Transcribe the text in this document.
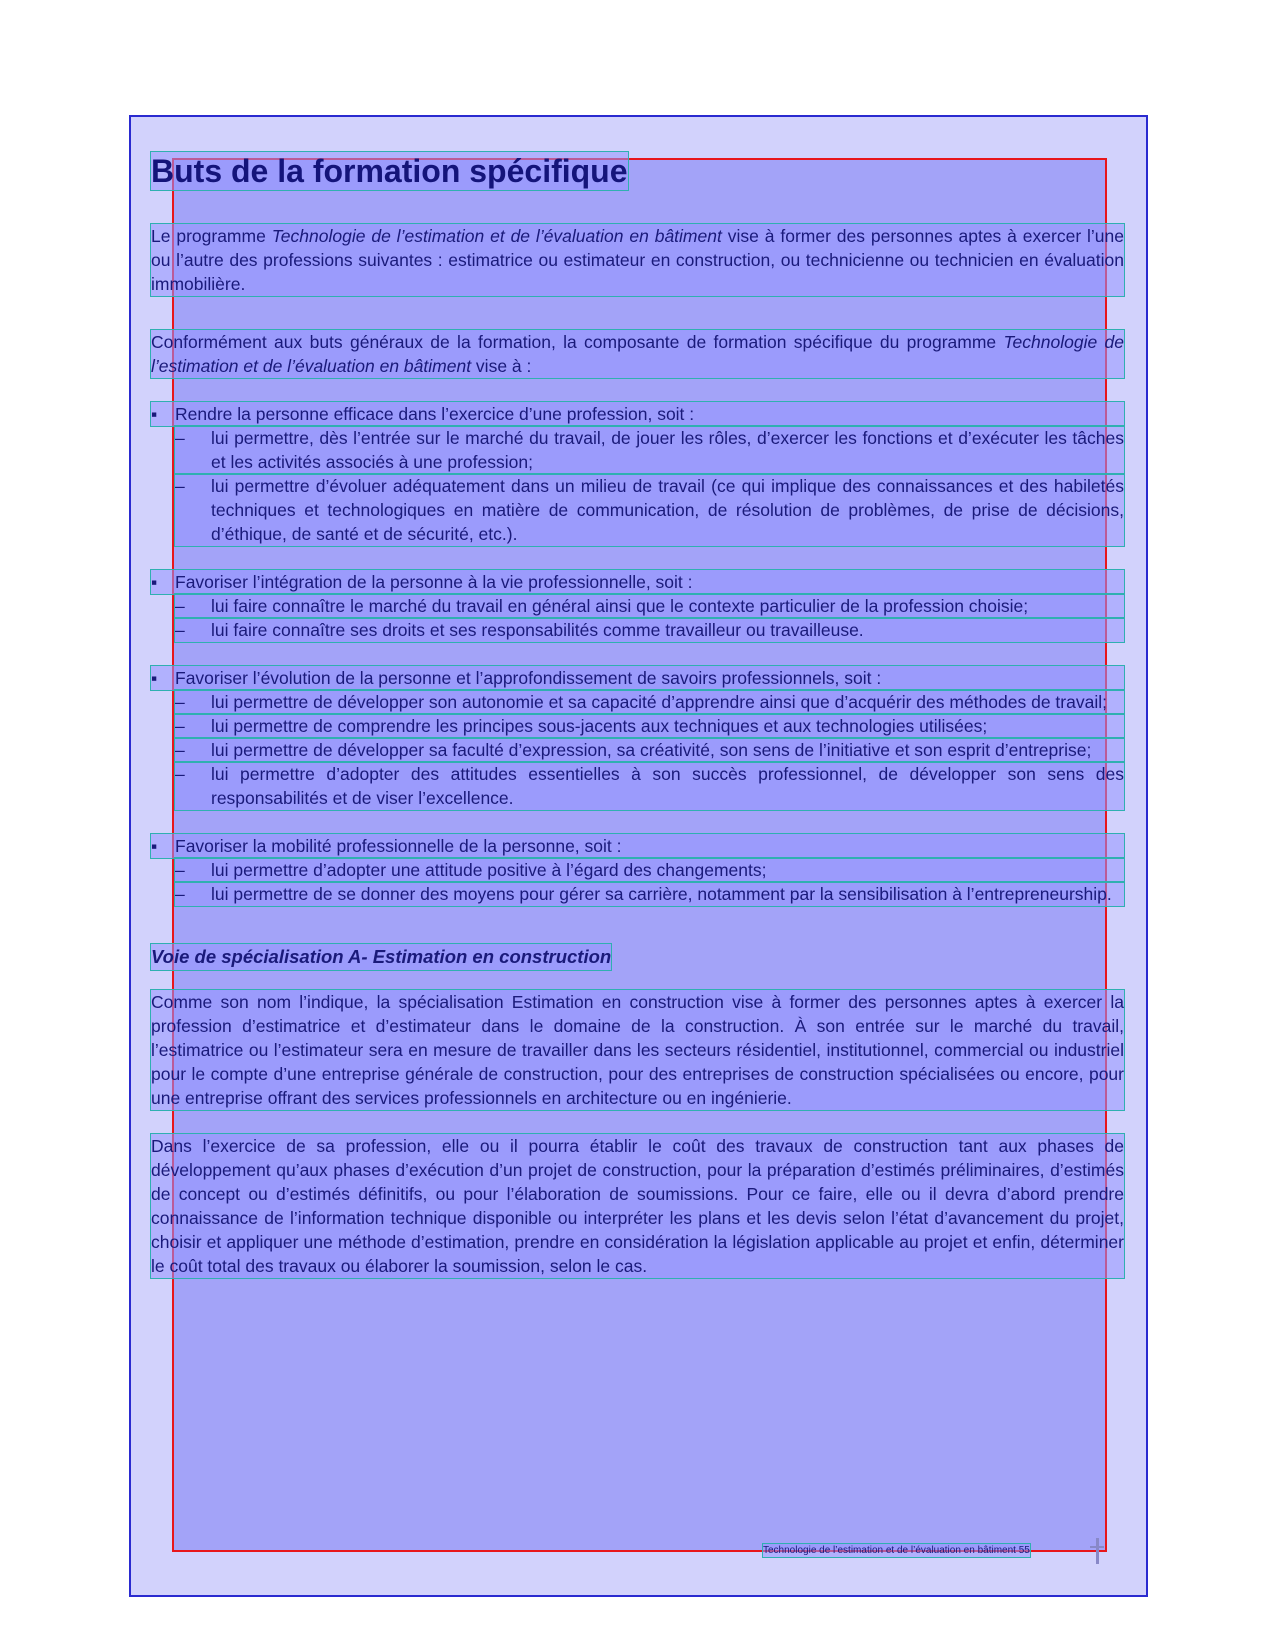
Buts de la formation spécifique

Le programme Technologie de l’estimation et de l’évaluation en bâtiment vise à former des personnes aptes à exercer l’une ou l’autre des professions suivantes : estimatrice ou estimateur en construction, ou technicienne ou technicien en évaluation immobilière.

Conformément aux buts généraux de la formation, la composante de formation spécifique du programme Technologie de l’estimation et de l’évaluation en bâtiment vise à :

▪	Rendre la personne efficace dans l’exercice d’une profession, soit :
–	lui permettre, dès l’entrée sur le marché du travail, de jouer les rôles, d’exercer les fonctions et d’exécuter les tâches et les activités associés à une profession;
–	lui permettre d’évoluer adéquatement dans un milieu de travail (ce qui implique des connaissances et des habiletés techniques et technologiques en matière de communication, de résolution de problèmes, de prise de décisions, d’éthique, de santé et de sécurité, etc.).
▪	Favoriser l’intégration de la personne à la vie professionnelle, soit :
–	lui faire connaître le marché du travail en général ainsi que le contexte particulier de la profession choisie;
–	lui faire connaître ses droits et ses responsabilités comme travailleur ou travailleuse.
▪	Favoriser l’évolution de la personne et l’approfondissement de savoirs professionnels, soit :
–	lui permettre de développer son autonomie et sa capacité d’apprendre ainsi que d’acquérir des méthodes de travail;
–	lui permettre de comprendre les principes sous-jacents aux techniques et aux technologies utilisées;
–	lui permettre de développer sa faculté d’expression, sa créativité, son sens de l’initiative et son esprit d’entreprise;
–	lui permettre d’adopter des attitudes essentielles à son succès professionnel, de développer son sens des responsabilités et de viser l’excellence.
▪	Favoriser la mobilité professionnelle de la personne, soit :
–	lui permettre d’adopter une attitude positive à l’égard des changements;
–	lui permettre de se donner des moyens pour gérer sa carrière, notamment par la sensibilisation à l’entrepreneurship.
Voie de spécialisation A- Estimation en construction

Comme son nom l’indique, la spécialisation Estimation en construction vise à former des personnes aptes à exercer la profession d’estimatrice et d’estimateur dans le domaine de la construction. À son entrée sur le marché du travail, l’estimatrice ou l’estimateur sera en mesure de travailler dans les secteurs résidentiel, institutionnel, commercial ou industriel pour le compte d’une entreprise générale de construction, pour des entreprises de construction spécialisées ou encore, pour une entreprise offrant des services professionnels en architecture ou en ingénierie.

Dans l’exercice de sa profession, elle ou il pourra établir le coût des travaux de construction tant aux phases de développement qu’aux phases d’exécution d’un projet de construction, pour la préparation d’estimés préliminaires, d’estimés de concept ou d’estimés définitifs, ou pour l’élaboration de soumissions. Pour ce faire, elle ou il devra d’abord prendre connaissance de l’information technique disponible ou interpréter les plans et les devis selon l’état d’avancement du projet, choisir et appliquer une méthode d’estimation, prendre en considération la législation applicable au projet et enfin, déterminer le coût total des travaux ou élaborer la soumission, selon le cas.

Technologie de l’estimation et de l’évaluation en bâtiment 55
